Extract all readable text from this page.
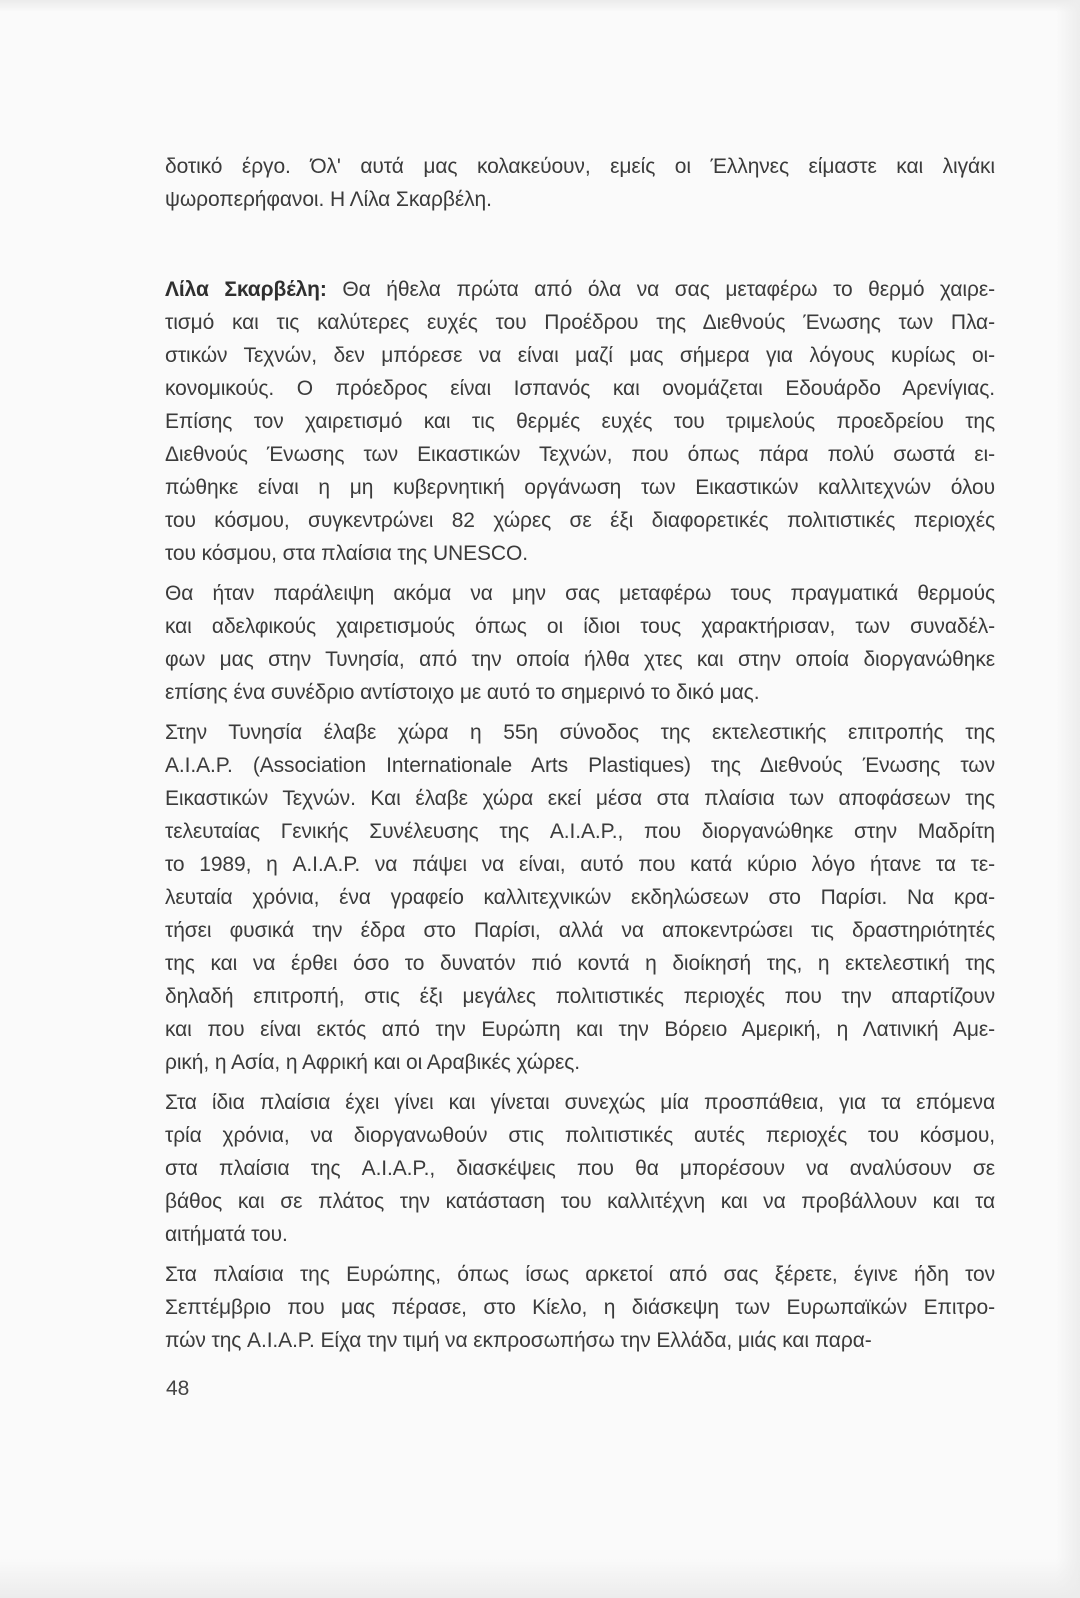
δοτικό έργο. Όλ' αυτά μας κολακεύουν, εμείς οι Έλληνες είμαστε και λιγάκι
ψωροπερήφανοι. Η Λίλα Σκαρβέλη.
Λίλα Σκαρβέλη: Θα ήθελα πρώτα από όλα να σας μεταφέρω το θερμό χαιρε-
τισμό και τις καλύτερες ευχές του Προέδρου της Διεθνούς Ένωσης των Πλα-
στικών Τεχνών, δεν μπόρεσε να είναι μαζί μας σήμερα για λόγους κυρίως οι-
κονομικούς. Ο πρόεδρος είναι Ισπανός και ονομάζεται Εδουάρδο Αρενίγιας.
Επίσης τον χαιρετισμό και τις θερμές ευχές του τριμελούς προεδρείου της
Διεθνούς Ένωσης των Εικαστικών Τεχνών, που όπως πάρα πολύ σωστά ει-
πώθηκε είναι η μη κυβερνητική οργάνωση των Εικαστικών καλλιτεχνών όλου
του κόσμου, συγκεντρώνει 82 χώρες σε έξι διαφορετικές πολιτιστικές περιοχές
του κόσμου, στα πλαίσια της UNESCO.
Θα ήταν παράλειψη ακόμα να μην σας μεταφέρω τους πραγματικά θερμούς
και αδελφικούς χαιρετισμούς όπως οι ίδιοι τους χαρακτήρισαν, των συναδέλ-
φων μας στην Τυνησία, από την οποία ήλθα χτες και στην οποία διοργανώθηκε
επίσης ένα συνέδριο αντίστοιχο με αυτό το σημερινό το δικό μας.
Στην Τυνησία έλαβε χώρα η 55η σύνοδος της εκτελεστικής επιτροπής της
A.I.A.P. (Association Internationale Arts Plastiques) της Διεθνούς Ένωσης των
Εικαστικών Τεχνών. Και έλαβε χώρα εκεί μέσα στα πλαίσια των αποφάσεων της
τελευταίας Γενικής Συνέλευσης της A.I.A.P., που διοργανώθηκε στην Μαδρίτη
το 1989, η A.I.A.P. να πάψει να είναι, αυτό που κατά κύριο λόγο ήτανε τα τε-
λευταία χρόνια, ένα γραφείο καλλιτεχνικών εκδηλώσεων στο Παρίσι. Να κρα-
τήσει φυσικά την έδρα στο Παρίσι, αλλά να αποκεντρώσει τις δραστηριότητές
της και να έρθει όσο το δυνατόν πιό κοντά η διοίκησή της, η εκτελεστική της
δηλαδή επιτροπή, στις έξι μεγάλες πολιτιστικές περιοχές που την απαρτίζουν
και που είναι εκτός από την Ευρώπη και την Βόρειο Αμερική, η Λατινική Αμε-
ρική, η Ασία, η Αφρική και οι Αραβικές χώρες.
Στα ίδια πλαίσια έχει γίνει και γίνεται συνεχώς μία προσπάθεια, για τα επόμενα
τρία χρόνια, να διοργανωθούν στις πολιτιστικές αυτές περιοχές του κόσμου,
στα πλαίσια της A.I.A.P., διασκέψεις που θα μπορέσουν να αναλύσουν σε
βάθος και σε πλάτος την κατάσταση του καλλιτέχνη και να προβάλλουν και τα
αιτήματά του.
Στα πλαίσια της Ευρώπης, όπως ίσως αρκετοί από σας ξέρετε, έγινε ήδη τον
Σεπτέμβριο που μας πέρασε, στο Κίελο, η διάσκεψη των Ευρωπαϊκών Επιτρο-
πών της A.I.A.P. Είχα την τιμή να εκπροσωπήσω την Ελλάδα, μιάς και παρα-
48
